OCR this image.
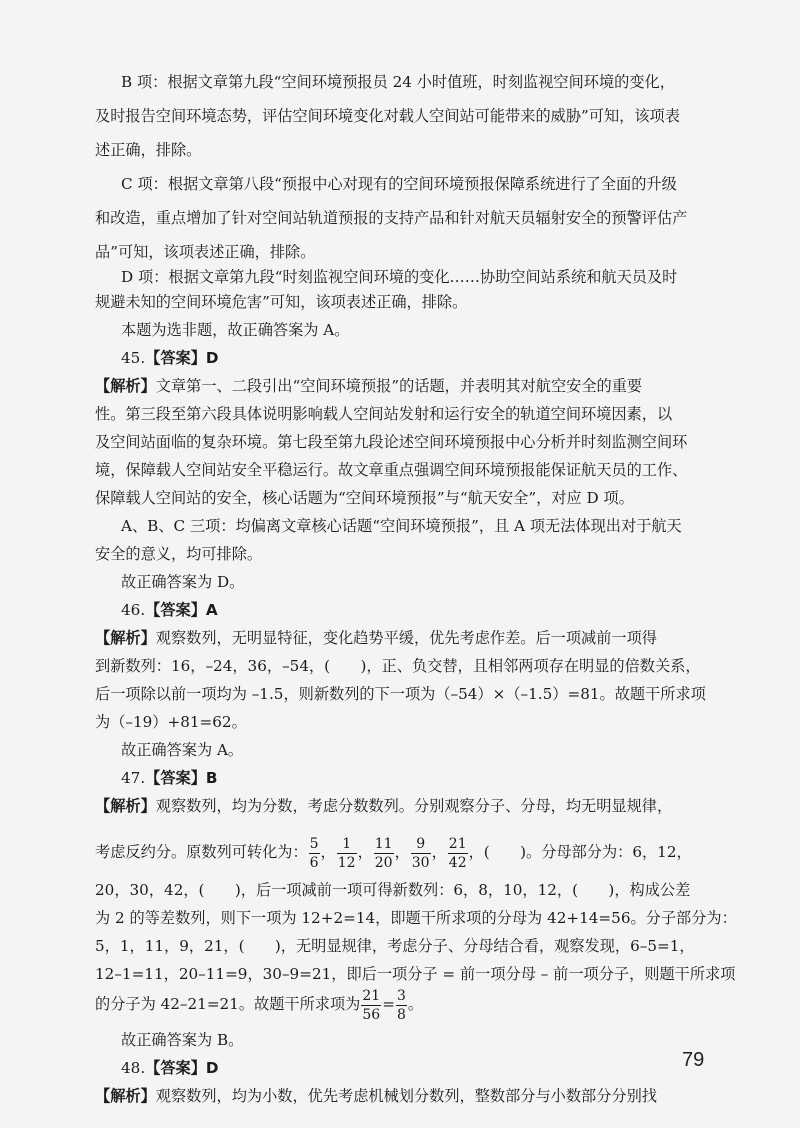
B 项：根据文章第九段“空间环境预报员 24 小时值班，时刻监视空间环境的变化，
及时报告空间环境态势，评估空间环境变化对载人空间站可能带来的威胁”可知，该项表
述正确，排除。
C 项：根据文章第八段“预报中心对现有的空间环境预报保障系统进行了全面的升级
和改造，重点增加了针对空间站轨道预报的支持产品和针对航天员辐射安全的预警评估产
品”可知，该项表述正确，排除。
D 项：根据文章第九段“时刻监视空间环境的变化……协助空间站系统和航天员及时
规避未知的空间环境危害”可知，该项表述正确，排除。
本题为选非题，故正确答案为 A。
45.【答案】D
【解析】文章第一、二段引出“空间环境预报”的话题，并表明其对航空安全的重要
性。第三段至第六段具体说明影响载人空间站发射和运行安全的轨道空间环境因素，以
及空间站面临的复杂环境。第七段至第九段论述空间环境预报中心分析并时刻监测空间环
境，保障载人空间站安全平稳运行。故文章重点强调空间环境预报能保证航天员的工作、
保障载人空间站的安全，核心话题为“空间环境预报”与“航天安全”，对应 D 项。
A、B、C 三项：均偏离文章核心话题“空间环境预报”，且 A 项无法体现出对于航天
安全的意义，均可排除。
故正确答案为 D。
46.【答案】A
【解析】观察数列，无明显特征，变化趋势平缓，优先考虑作差。后一项减前一项得
到新数列：16，–24，36，–54，(　　)，正、负交替，且相邻两项存在明显的倍数关系，
后一项除以前一项均为 –1.5，则新数列的下一项为（–54）×（–1.5）=81。故题干所求项
为（–19）+81=62。
故正确答案为 A。
47.【答案】B
【解析】观察数列，均为分数，考虑分数数列。分别观察分子、分母，均无明显规律，
考虑反约分。原数列可转化为： $\frac{5}{6}$ ， $\frac{1}{12}$ ， $\frac{11}{20}$ ， $\frac{9}{30}$ ， $\frac{21}{42}$ ，(　　)。分母部分为：6，12，
20，30，42，(　　)，后一项减前一项可得新数列：6，8，10，12，(　　)，构成公差
为 2 的等差数列，则下一项为 12+2=14，即题干所求项的分母为 42+14=56。分子部分为：
5，1，11，9，21，(　　)，无明显规律，考虑分子、分母结合看，观察发现，6–5=1，
12–1=11，20–11=9，30–9=21，即后一项分子 = 前一项分母 – 前一项分子，则题干所求项
的分子为 42–21=21。故题干所求项为 $\frac{21}{56} = \frac{3}{8}$ 。
故正确答案为 B。
48.【答案】D
【解析】观察数列，均为小数，优先考虑机械划分数列，整数部分与小数部分分别找
79
